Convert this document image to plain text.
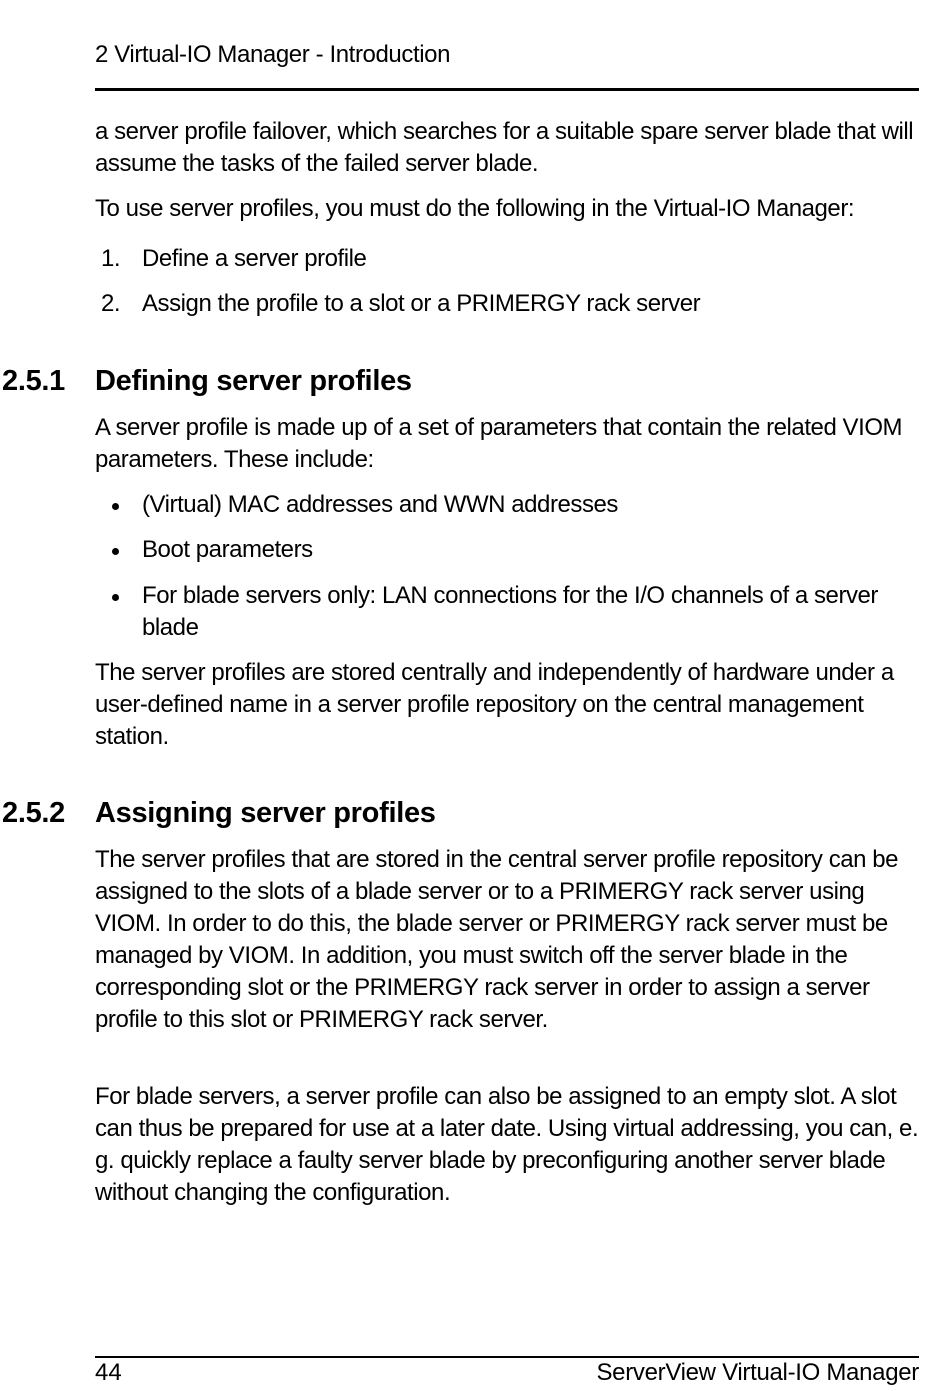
2 Virtual-IO Manager - Introduction

a server profile failover, which searches for a suitable spare server blade that will assume the tasks of the failed server blade.

To use server profiles, you must do the following in the Virtual-IO Manager:

1. Define a server profile
2. Assign the profile to a slot or a PRIMERGY rack server
2.5.1 Defining server profiles

A server profile is made up of a set of parameters that contain the related VIOM parameters. These include:

(Virtual) MAC addresses and WWN addresses
Boot parameters
For blade servers only: LAN connections for the I/O channels of a server blade

The server profiles are stored centrally and independently of hardware under a user-defined name in a server profile repository on the central management station.

2.5.2 Assigning server profiles

The server profiles that are stored in the central server profile repository can be assigned to the slots of a blade server or to a PRIMERGY rack server using VIOM. In order to do this, the blade server or PRIMERGY rack server must be managed by VIOM. In addition, you must switch off the server blade in the corresponding slot or the PRIMERGY rack server in order to assign a server profile to this slot or PRIMERGY rack server.

For blade servers, a server profile can also be assigned to an empty slot. A slot can thus be prepared for use at a later date. Using virtual addressing, you can, e. g. quickly replace a faulty server blade by preconfiguring another server blade without changing the configuration.

44	ServerView Virtual-IO Manager
